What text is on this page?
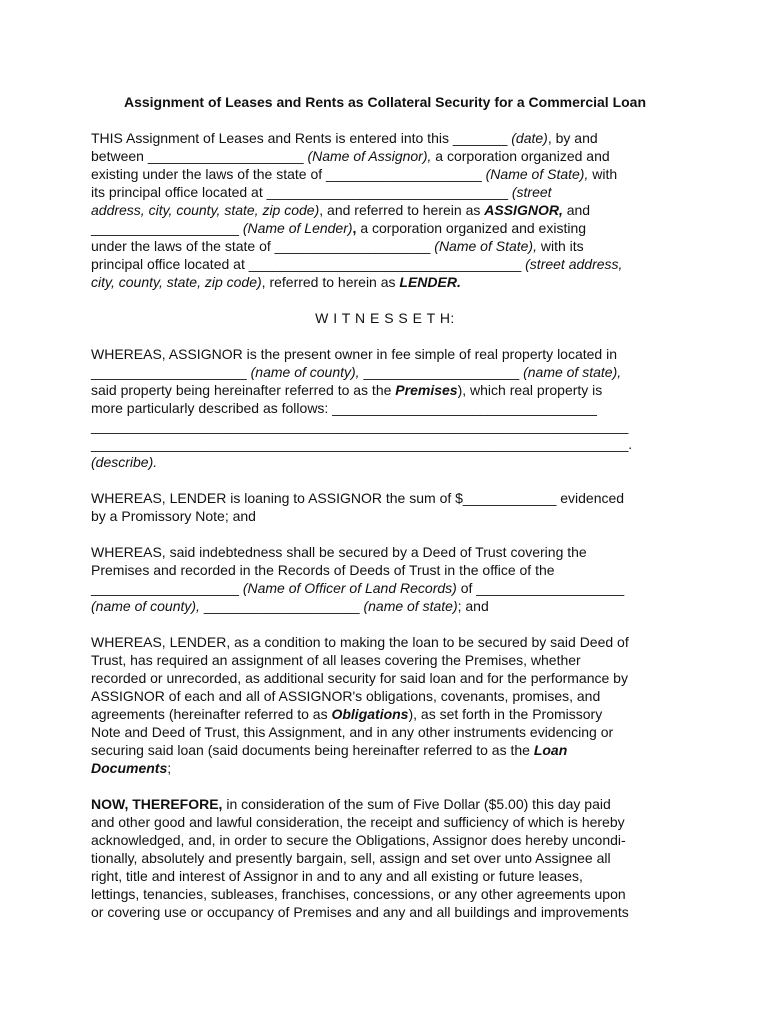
Assignment of Leases and Rents as Collateral Security for a Commercial Loan
THIS Assignment of Leases and Rents is entered into this _______ (date), by and
between ____________________ (Name of Assignor), a corporation organized and
existing under the laws of the state of ____________________ (Name of State), with
its principal office located at _______________________________ (street
address, city, county, state, zip code), and referred to herein as ASSIGNOR, and
___________________ (Name of Lender), a corporation organized and existing
under the laws of the state of ____________________ (Name of State), with its
principal office located at ___________________________________ (street address,
city, county, state, zip code), referred to herein as LENDER.
W I T N E S S E T H:
WHEREAS, ASSIGNOR is the present owner in fee simple of real property located in
____________________ (name of county), ____________________ (name of state),
said property being hereinafter referred to as the Premises), which real property is
more particularly described as follows: __________________________________
_____________________________________________________________________
_____________________________________________________________________.
(describe).
WHEREAS, LENDER is loaning to ASSIGNOR the sum of $____________ evidenced
by a Promissory Note; and
WHEREAS, said indebtedness shall be secured by a Deed of Trust covering the
Premises and recorded in the Records of Deeds of Trust in the office of the
___________________ (Name of Officer of Land Records) of ___________________
(name of county), ____________________ (name of state); and
WHEREAS, LENDER, as a condition to making the loan to be secured by said Deed of
Trust, has required an assignment of all leases covering the Premises, whether
recorded or unrecorded, as additional security for said loan and for the performance by
ASSIGNOR of each and all of ASSIGNOR's obligations, covenants, promises, and
agreements (hereinafter referred to as Obligations), as set forth in the Promissory
Note and Deed of Trust, this Assignment, and in any other instruments evidencing or
securing said loan (said documents being hereinafter referred to as the Loan
Documents;
NOW, THEREFORE, in consideration of the sum of Five Dollar ($5.00) this day paid
and other good and lawful consideration, the receipt and sufficiency of which is hereby
acknowledged, and, in order to secure the Obligations, Assignor does hereby uncondi-
tionally, absolutely and presently bargain, sell, assign and set over unto Assignee all
right, title and interest of Assignor in and to any and all existing or future leases,
lettings, tenancies, subleases, franchises, concessions, or any other agreements upon
or covering use or occupancy of Premises and any and all buildings and improvements
